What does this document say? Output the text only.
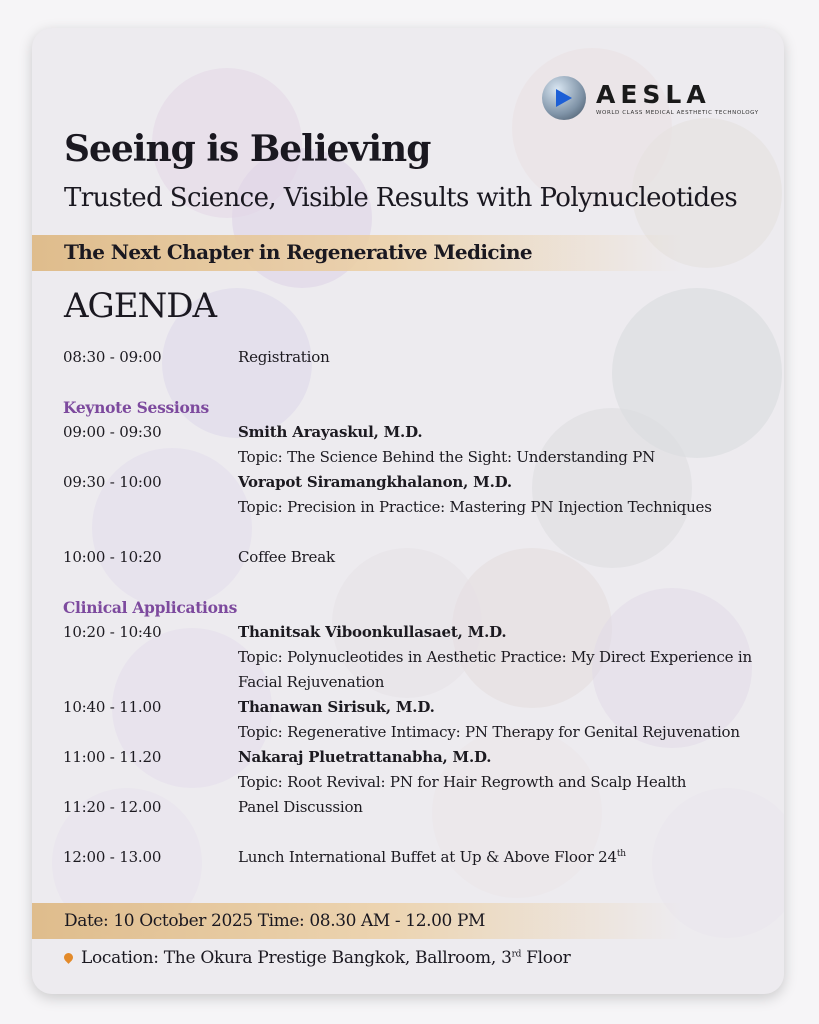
AESLA
WORLD CLASS MEDICAL AESTHETIC TECHNOLOGY
Seeing is Believing
Trusted Science, Visible Results with Polynucleotides
The Next Chapter in Regenerative Medicine
AGENDA
08:30 - 09:00	Registration
Keynote Sessions
09:00 - 09:30	Smith Arayaskul, M.D.
Topic: The Science Behind the Sight: Understanding PN
09:30 - 10:00	Vorapot Siramangkhalanon, M.D.
Topic: Precision in Practice: Mastering PN Injection Techniques
10:00 - 10:20	Coffee Break
Clinical Applications
10:20 - 10:40	Thanitsak Viboonkullasaet, M.D.
Topic: Polynucleotides in Aesthetic Practice: My Direct Experience in
Facial Rejuvenation
10:40 - 11.00	Thanawan Sirisuk, M.D.
Topic: Regenerative Intimacy: PN Therapy for Genital Rejuvenation
11:00 - 11.20	Nakaraj Pluetrattanabha, M.D.
Topic: Root Revival: PN for Hair Regrowth and Scalp Health
11:20 - 12.00	Panel Discussion
12:00 - 13.00	Lunch International Buffet at Up & Above Floor 24th
Date: 10 October 2025 Time: 08.30 AM - 12.00 PM
Location: The Okura Prestige Bangkok, Ballroom, 3rd Floor
